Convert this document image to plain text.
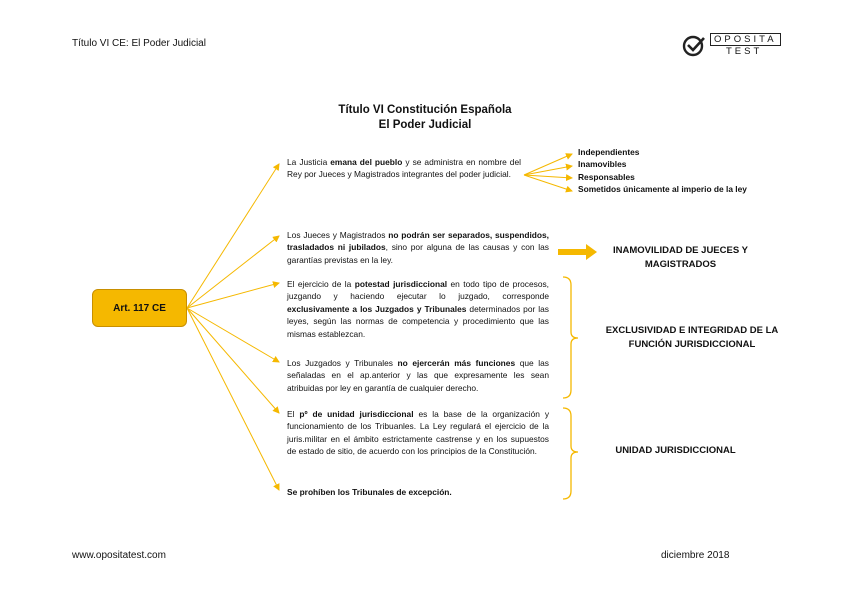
Título VI CE: El Poder Judicial	OPOSITA
TEST
Título VI Constitución Española
El Poder Judicial
Art. 117 CE
La Justicia emana del pueblo y se administra en nombre del Rey por Jueces y Magistrados integrantes del poder judicial.
Independientes
Inamovibles
Responsables
Sometidos únicamente al imperio de la ley
Los Jueces y Magistrados no podrán ser separados, suspendidos, trasladados ni jubilados, sino por alguna de las causas y con las garantías previstas en la ley.
INAMOVILIDAD DE JUECES Y MAGISTRADOS
El ejercicio de la potestad jurisdiccional en todo tipo de procesos, juzgando y haciendo ejecutar lo juzgado, corresponde exclusivamente a los Juzgados y Tribunales determinados por las leyes, según las normas de competencia y procedimiento que las mismas establezcan.
Los Juzgados y Tribunales no ejercerán más funciones que las señaladas en el ap.anterior y las que expresamente les sean atribuidas por ley en garantía de cualquier derecho.
EXCLUSIVIDAD E INTEGRIDAD DE LA FUNCIÓN JURISDICCIONAL
El pº de unidad jurisdiccional es la base de la organización y funcionamiento de los Tribuanles. La Ley regulará el ejercicio de la juris.militar en el ámbito estrictamente castrense y en los supuestos de estado de sitio, de acuerdo con los principios de la Constitución.
Se prohíben los Tribunales de excepción.
UNIDAD JURISDICCIONAL
www.opositatest.com	diciembre 2018
